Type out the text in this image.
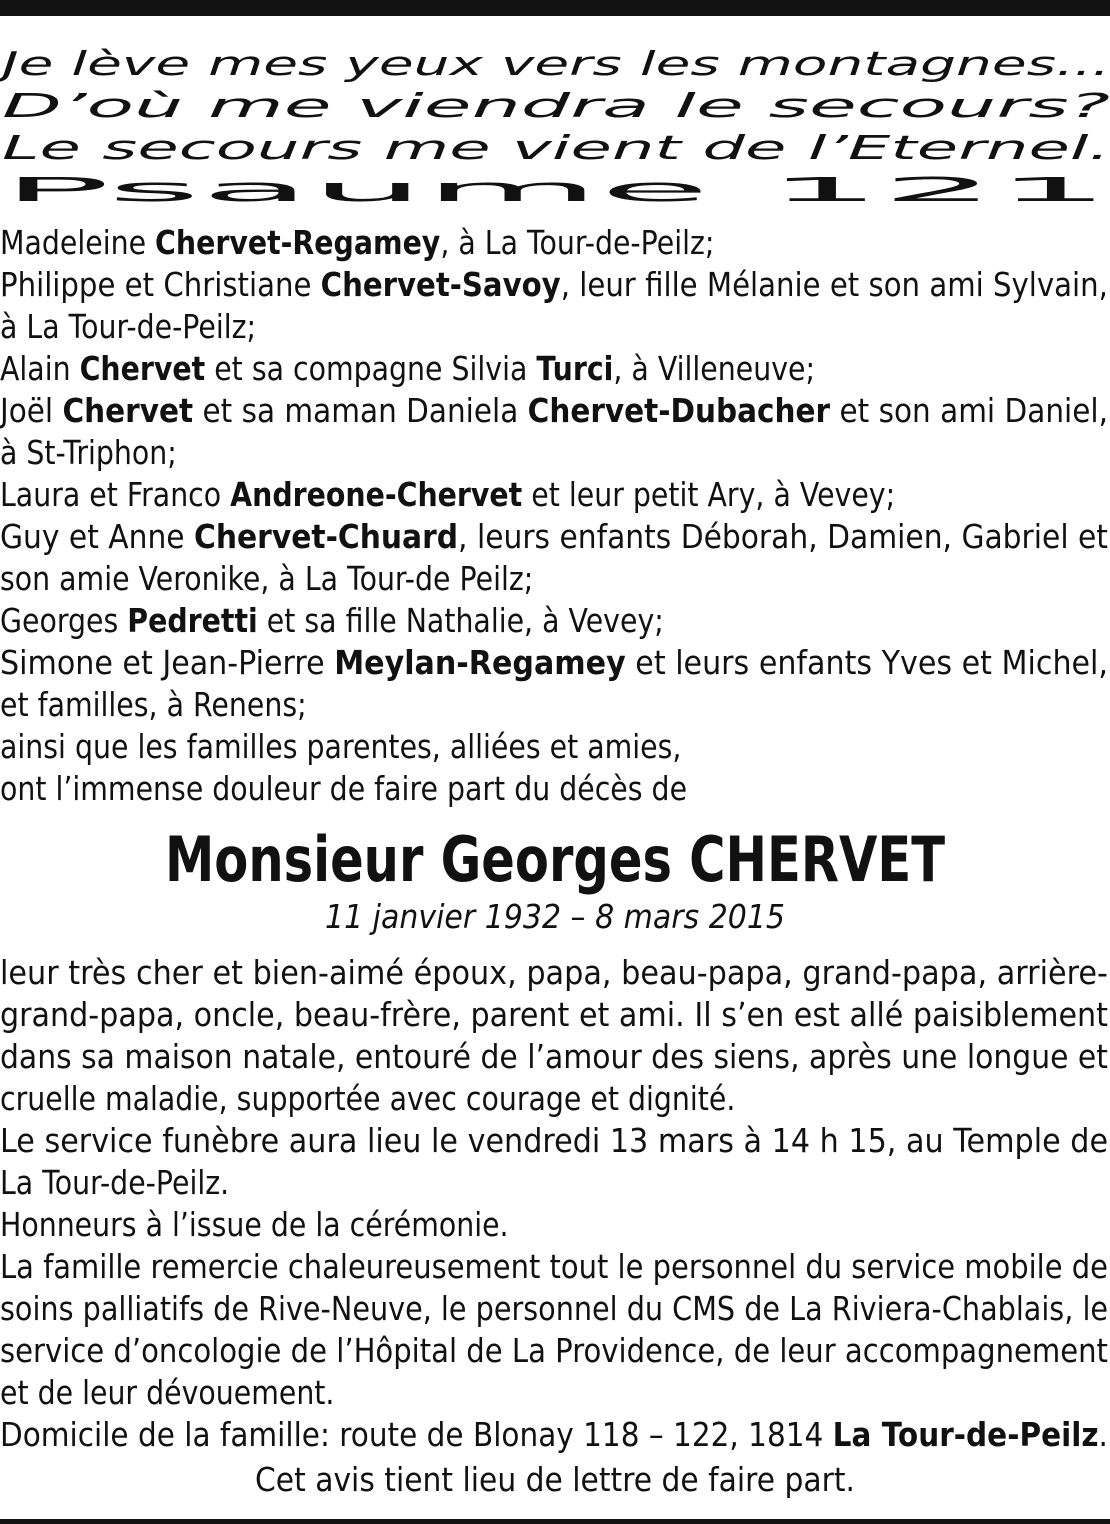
Je lève mes yeux vers les montagnes...
D’où me viendra le secours?
Le secours me vient de l’Eternel.
Psaume 121
Madeleine Chervet-Regamey, à La Tour-de-Peilz;
Philippe et Christiane Chervet-Savoy, leur fille Mélanie et son ami Sylvain,
à La Tour-de-Peilz;
Alain Chervet et sa compagne Silvia Turci, à Villeneuve;
Joël Chervet et sa maman Daniela Chervet-Dubacher et son ami Daniel,
à St-Triphon;
Laura et Franco Andreone-Chervet et leur petit Ary, à Vevey;
Guy et Anne Chervet-Chuard, leurs enfants Déborah, Damien, Gabriel et
son amie Veronike, à La Tour-de Peilz;
Georges Pedretti et sa fille Nathalie, à Vevey;
Simone et Jean-Pierre Meylan-Regamey et leurs enfants Yves et Michel,
et familles, à Renens;
ainsi que les familles parentes, alliées et amies,
ont l’immense douleur de faire part du décès de
Monsieur Georges CHERVET
11 janvier 1932 – 8 mars 2015
leur très cher et bien-aimé époux, papa, beau-papa, grand-papa, arrière-
grand-papa, oncle, beau-frère, parent et ami. Il s’en est allé paisiblement
dans sa maison natale, entouré de l’amour des siens, après une longue et
cruelle maladie, supportée avec courage et dignité.
Le service funèbre aura lieu le vendredi 13 mars à 14 h 15, au Temple de
La Tour-de-Peilz.
Honneurs à l’issue de la cérémonie.
La famille remercie chaleureusement tout le personnel du service mobile de
soins palliatifs de Rive-Neuve, le personnel du CMS de La Riviera-Chablais, le
service d’oncologie de l’Hôpital de La Providence, de leur accompagnement
et de leur dévouement.
Domicile de la famille: route de Blonay 118 – 122, 1814 La Tour-de-Peilz.
Cet avis tient lieu de lettre de faire part.
